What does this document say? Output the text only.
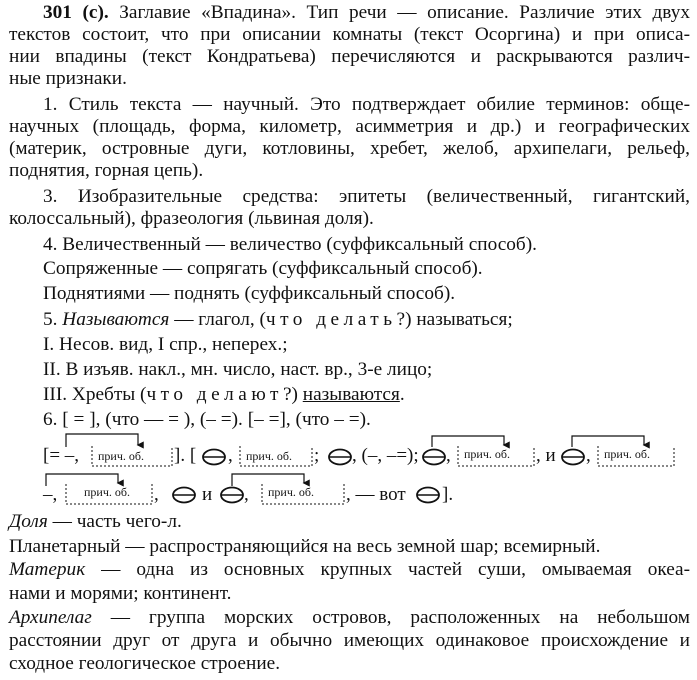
301 (c). Заглавие «Впадина». Тип речи — описание. Различие этих двух
текстов состоит, что при описании комнаты (текст Осоргина) и при описа-
нии впадины (текст Кондратьева) перечисляются и раскрываются различ-
ные признаки.
1. Стиль текста — научный. Это подтверждает обилие терминов: обще-
научных (площадь, форма, километр, асимметрия и др.) и географических
(материк, островные дуги, котловины, хребет, желоб, архипелаги, рельеф,
поднятия, горная цепь).
3. Изобразительные средства: эпитеты (величественный, гигантский,
колоссальный), фразеология (львиная доля).
4. Величественный — величество (суффиксальный способ).
Сопряженные — сопрягать (суффиксальный способ).
Поднятиями — поднять (суффиксальный способ).
5. Называются — глагол, (что делать?) называться;
I. Несов. вид, I спр., неперех.;
II. В изъяв. накл., мн. число, наст. вр., 3-е лицо;
III. Хребты (что делают?) называются.
6. [ = ], (что — = ), (– =). [– =], (что – =).
[= –, прич. об. ]. [ , прич. об. ; , (–, –=); , прич. об. , и , прич. об.
–, прич. об. , и , прич. об. , — вот ].
Доля — часть чего-л.
Планетарный — распространяющийся на весь земной шар; всемирный.
Материк — одна из основных крупных частей суши, омываемая океа-
нами и морями; континент.
Архипелаг — группа морских островов, расположенных на небольшом
расстоянии друг от друга и обычно имеющих одинаковое происхождение и
сходное геологическое строение.
